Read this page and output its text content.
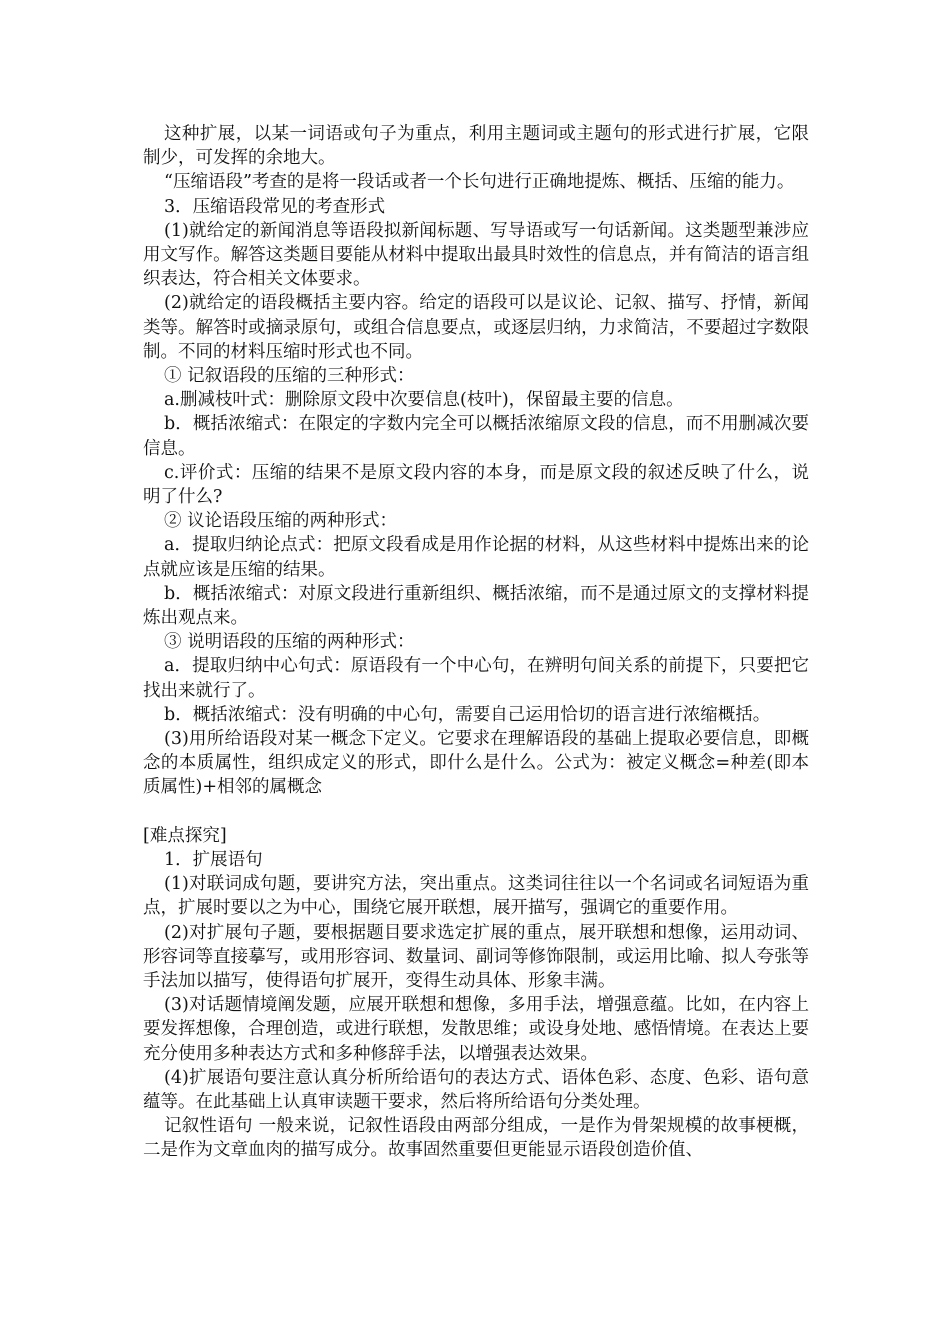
这种扩展，以某一词语或句子为重点，利用主题词或主题句的形式进行扩展，它限制少，可发挥的余地大。

“压缩语段”考查的是将一段话或者一个长句进行正确地提炼、概括、压缩的能力。

3．压缩语段常见的考查形式

(1)就给定的新闻消息等语段拟新闻标题、写导语或写一句话新闻。这类题型兼涉应用文写作。解答这类题目要能从材料中提取出最具时效性的信息点，并有简洁的语言组织表达，符合相关文体要求。

(2)就给定的语段概括主要内容。给定的语段可以是议论、记叙、描写、抒情，新闻类等。解答时或摘录原句，或组合信息要点，或逐层归纳，力求简洁，不要超过字数限制。不同的材料压缩时形式也不同。

① 记叙语段的压缩的三种形式：

a.删减枝叶式：删除原文段中次要信息(枝叶)，保留最主要的信息。

b．概括浓缩式：在限定的字数内完全可以概括浓缩原文段的信息，而不用删减次要信息。

c.评价式：压缩的结果不是原文段内容的本身，而是原文段的叙述反映了什么，说明了什么?

② 议论语段压缩的两种形式：

a．提取归纳论点式：把原文段看成是用作论据的材料，从这些材料中提炼出来的论点就应该是压缩的结果。

b．概括浓缩式：对原文段进行重新组织、概括浓缩，而不是通过原文的支撑材料提炼出观点来。

③ 说明语段的压缩的两种形式：

a．提取归纳中心句式：原语段有一个中心句，在辨明句间关系的前提下，只要把它找出来就行了。

b．概括浓缩式：没有明确的中心句，需要自己运用恰切的语言进行浓缩概括。

(3)用所给语段对某一概念下定义。它要求在理解语段的基础上提取必要信息，即概念的本质属性，组织成定义的形式，即什么是什么。公式为：被定义概念=种差(即本质属性)+相邻的属概念

[难点探究]

1．扩展语句

(1)对联词成句题，要讲究方法，突出重点。这类词往往以一个名词或名词短语为重点，扩展时要以之为中心，围绕它展开联想，展开描写，强调它的重要作用。

(2)对扩展句子题，要根据题目要求选定扩展的重点，展开联想和想像，运用动词、形容词等直接摹写，或用形容词、数量词、副词等修饰限制，或运用比喻、拟人夸张等手法加以描写，使得语句扩展开，变得生动具体、形象丰满。

(3)对话题情境阐发题，应展开联想和想像，多用手法，增强意蕴。比如，在内容上要发挥想像，合理创造，或进行联想，发散思维；或设身处地、感悟情境。在表达上要充分使用多种表达方式和多种修辞手法，以增强表达效果。

(4)扩展语句要注意认真分析所给语句的表达方式、语体色彩、态度、色彩、语句意蕴等。在此基础上认真审读题干要求，然后将所给语句分类处理。

记叙性语句 一般来说，记叙性语段由两部分组成，一是作为骨架规模的故事梗概，二是作为文章血肉的描写成分。故事固然重要但更能显示语段创造价值、
